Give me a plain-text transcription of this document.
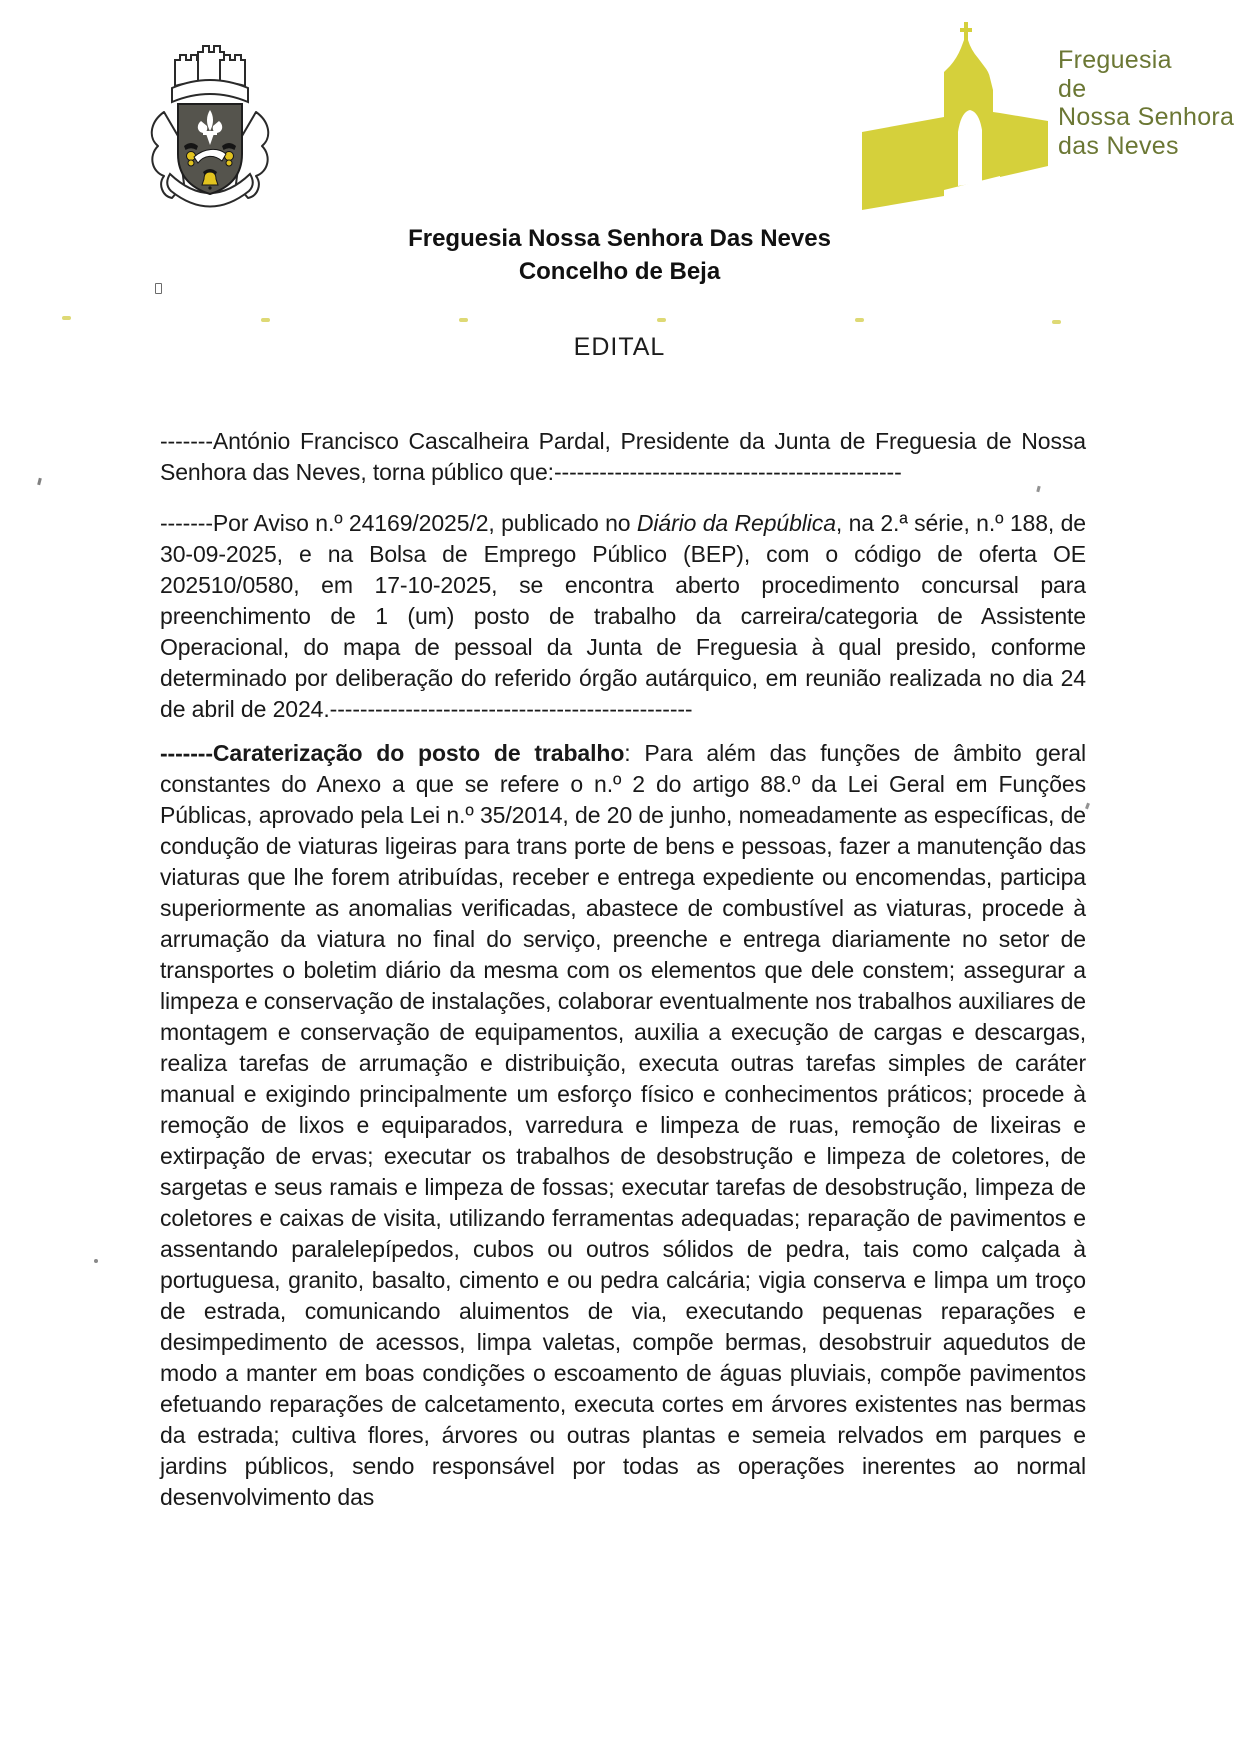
Freguesia
de
Nossa Senhora
das Neves
Freguesia Nossa Senhora Das Neves
Concelho de Beja
EDITAL

-------António Francisco Cascalheira Pardal, Presidente da Junta de Freguesia de Nossa Senhora das Neves, torna público que:----------------------------------------------

-------Por Aviso n.º 24169/2025/2, publicado no Diário da República, na 2.ª série, n.º 188, de 30-09-2025, e na Bolsa de Emprego Público (BEP), com o código de oferta OE 202510/0580, em 17-10-2025, se encontra aberto procedimento concursal para preenchimento de 1 (um) posto de trabalho da carreira/categoria de Assistente Operacional, do mapa de pessoal da Junta de Freguesia à qual presido, conforme determinado por deliberação do referido órgão autárquico, em reunião realizada no dia 24 de abril de 2024.------------------------------------------------

-------Caraterização do posto de trabalho: Para além das funções de âmbito geral constantes do Anexo a que se refere o n.º 2 do artigo 88.º da Lei Geral em Funções Públicas, aprovado pela Lei n.º 35/2014, de 20 de junho, nomeadamente as específicas, de condução de viaturas ligeiras para trans porte de bens e pessoas, fazer a manutenção das viaturas que lhe forem atribuídas, receber e entrega expediente ou encomendas, participa superiormente as anomalias verificadas, abastece de combustível as viaturas, procede à arrumação da viatura no final do serviço, preenche e entrega diariamente no setor de transportes o boletim diário da mesma com os elementos que dele constem; assegurar a limpeza e conservação de instalações, colaborar eventualmente nos trabalhos auxiliares de montagem e conservação de equipamentos, auxilia a execução de cargas e descargas, realiza tarefas de arrumação e distribuição, executa outras tarefas simples de caráter manual e exigindo principalmente um esforço físico e conhecimentos práticos; procede à remoção de lixos e equiparados, varredura e limpeza de ruas, remoção de lixeiras e extirpação de ervas; executar os trabalhos de desobstrução e limpeza de coletores, de sargetas e seus ramais e limpeza de fossas; executar tarefas de desobstrução, limpeza de coletores e caixas de visita, utilizando ferramentas adequadas; reparação de pavimentos e assentando paralelepípedos, cubos ou outros sólidos de pedra, tais como calçada à portuguesa, granito, basalto, cimento e ou pedra calcária; vigia conserva e limpa um troço de estrada, comunicando aluimentos de via, executando pequenas reparações e desimpedimento de acessos, limpa valetas, compõe bermas, desobstruir aquedutos de modo a manter em boas condições o escoamento de águas pluviais, compõe pavimentos efetuando reparações de calcetamento, executa cortes em árvores existentes nas bermas da estrada; cultiva flores, árvores ou outras plantas e semeia relvados em parques e jardins públicos, sendo responsável por todas as operações inerentes ao normal desenvolvimento das
